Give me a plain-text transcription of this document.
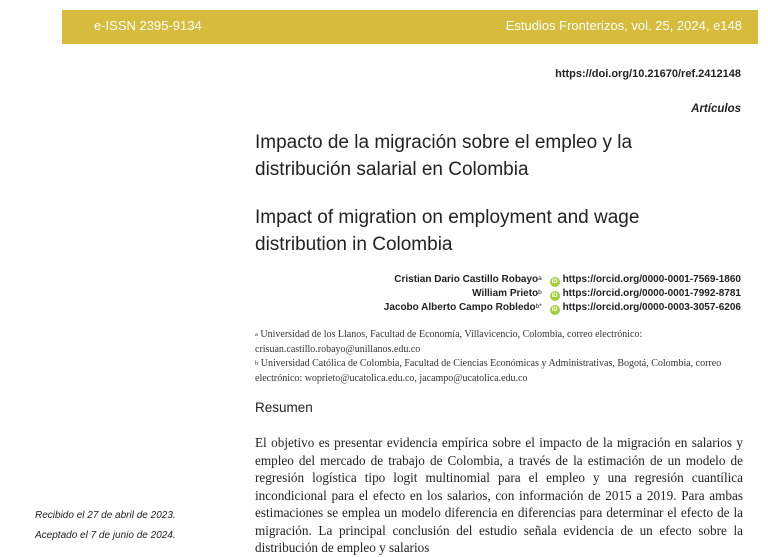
e-ISSN 2395-9134	Estudios Fronterizos, vol. 25, 2024, e148
https://doi.org/10.21670/ref.2412148
Artículos
Impacto de la migración sobre el empleo y la distribución salarial en Colombia
Impact of migration on employment and wage distribution in Colombia
Cristian Dario Castillo Robayo$^a$ iD https://orcid.org/0000-0001-7569-1860
William Prieto$^b$ iD https://orcid.org/0000-0001-7992-8781
Jacobo Alberto Campo Robledo$^{b*}$ iD https://orcid.org/0000-0003-3057-6206

$^a$ Universidad de los Llanos, Facultad de Economía, Villavicencio, Colombia, correo electrónico: crisuan.castillo.robayo@unillanos.edu.co

$^b$ Universidad Católica de Colombia, Facultad de Ciencias Económicas y Administrativas, Bogotá, Colombia, correo electrónico: woprieto@ucatolica.edu.co, jacampo@ucatolica.edu.co

Resumen
El objetivo es presentar evidencia empírica sobre el impacto de la migración en salarios y empleo del mercado de trabajo de Colombia, a través de la estimación de un modelo de regresión logística tipo logit multinomial para el empleo y una regresión cuantílica incondicional para el efecto en los salarios, con información de 2015 a 2019. Para ambas estimaciones se emplea un modelo diferencia en diferencias para determinar el efecto de la migración. La principal conclusión del estudio señala evidencia de un efecto sobre la distribución de empleo y salarios
Recibido el 27 de abril de 2023.
Aceptado el 7 de junio de 2024.
